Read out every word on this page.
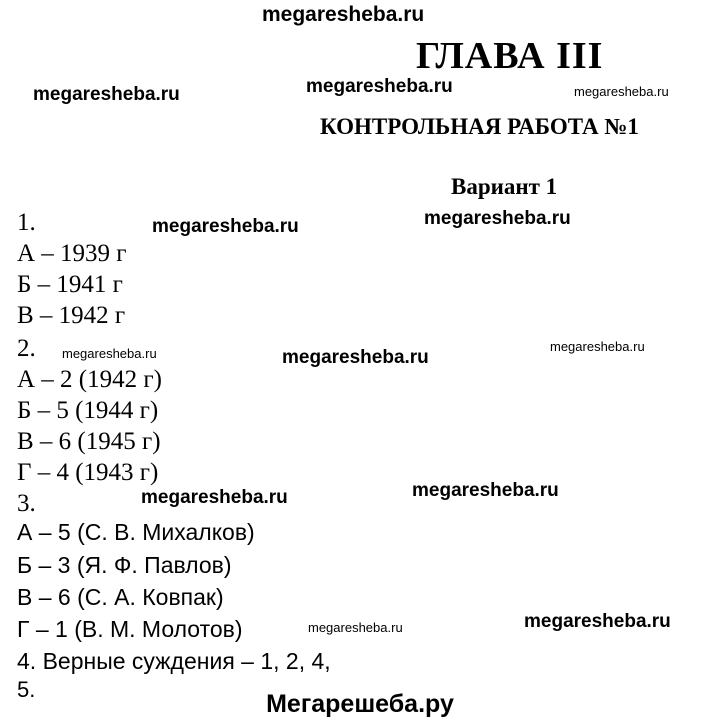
megaresheba.ru
ГЛАВА III
megaresheba.ru	megaresheba.ru	megaresheba.ru
КОНТРОЛЬНАЯ РАБОТА №1
Вариант 1
1.	megaresheba.ru	megaresheba.ru
А – 1939 г
Б – 1941 г
В – 1942 г
2. megaresheba.ru	megaresheba.ru
megaresheba.ru
А – 2 (1942 г)
Б – 5 (1944 г)
В – 6 (1945 г)
Г – 4 (1943 г)
3.	megaresheba.ru	megaresheba.ru
А – 5 (С. В. Михалков)
Б – 3 (Я. Ф. Павлов)
В – 6 (С. А. Ковпак)
Г – 1 (В. М. Молотов)	megaresheba.ru	megaresheba.ru
4. Верные суждения – 1, 2, 4,
5.
Мегарешеба.ру
